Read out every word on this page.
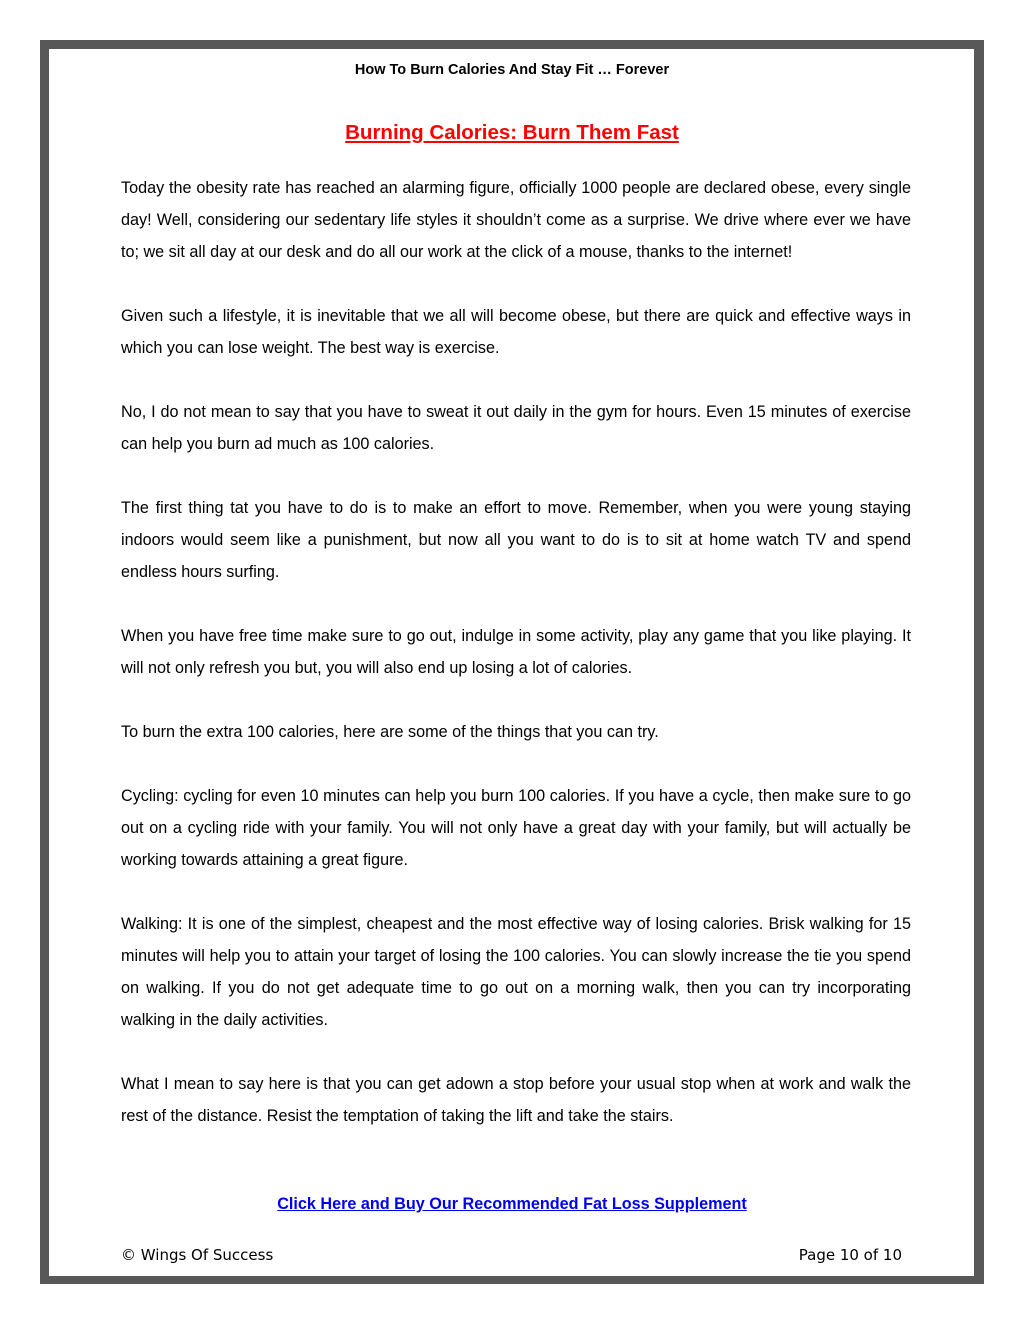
How To Burn Calories And Stay Fit … Forever
Burning Calories: Burn Them Fast

Today the obesity rate has reached an alarming figure, officially 1000 people are declared obese, every single day! Well, considering our sedentary life styles it shouldn’t come as a surprise. We drive where ever we have to; we sit all day at our desk and do all our work at the click of a mouse, thanks to the internet!

Given such a lifestyle, it is inevitable that we all will become obese, but there are quick and effective ways in which you can lose weight. The best way is exercise.

No, I do not mean to say that you have to sweat it out daily in the gym for hours. Even 15 minutes of exercise can help you burn ad much as 100 calories.

The first thing tat you have to do is to make an effort to move. Remember, when you were young staying indoors would seem like a punishment, but now all you want to do is to sit at home watch TV and spend endless hours surfing.

When you have free time make sure to go out, indulge in some activity, play any game that you like playing. It will not only refresh you but, you will also end up losing a lot of calories.

To burn the extra 100 calories, here are some of the things that you can try.

Cycling: cycling for even 10 minutes can help you burn 100 calories. If you have a cycle, then make sure to go out on a cycling ride with your family. You will not only have a great day with your family, but will actually be working towards attaining a great figure.

Walking: It is one of the simplest, cheapest and the most effective way of losing calories. Brisk walking for 15 minutes will help you to attain your target of losing the 100 calories. You can slowly increase the tie you spend on walking. If you do not get adequate time to go out on a morning walk, then you can try incorporating walking in the daily activities.

What I mean to say here is that you can get adown a stop before your usual stop when at work and walk the rest of the distance. Resist the temptation of taking the lift and take the stairs.

Click Here and Buy Our Recommended Fat Loss Supplement
© Wings Of Success	Page 10 of 10
